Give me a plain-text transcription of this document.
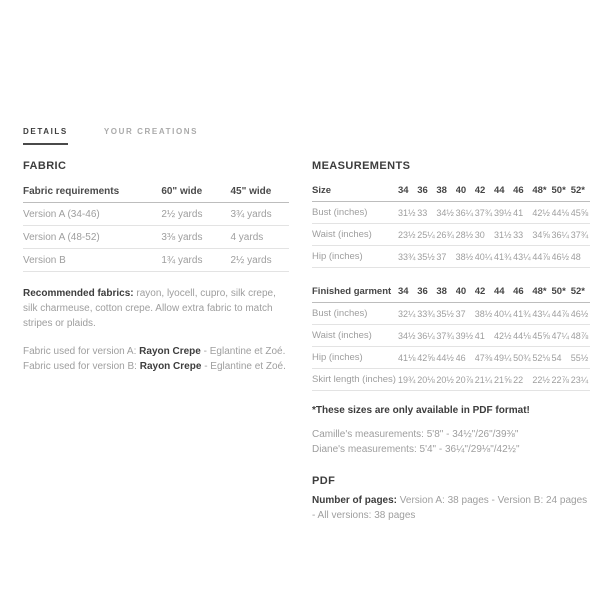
DETAILS	YOUR CREATIONS
FABRIC
Fabric requirements	60" wide	45" wide
Version A (34-46)	2½ yards	3¾ yards
Version A (48-52)	3⅜ yards	4 yards
Version B	1¾ yards	2½ yards

Recommended fabrics: rayon, lyocell, cupro, silk crepe, silk charmeuse, cotton crepe. Allow extra fabric to match stripes or plaids.

Fabric used for version A: Rayon Crepe - Eglantine et Zoé.
Fabric used for version B: Rayon Crepe - Eglantine et Zoé.
MEASUREMENTS
Size	34	36	38	40	42	44	46	48*	50*	52*
Bust (inches)	31½	33	34½	36¼	37¾	39½	41	42½	44⅛	45⅝
Waist (inches)	23½	25¼	26¾	28½	30	31½	33	34⅝	36¼	37¾
Hip (inches)	33¾	35½	37	38½	40¼	41¾	43¼	44⅞	46½	48
Finished garment	34	36	38	40	42	44	46	48*	50*	52*
Bust (inches)	32¼	33¾	35½	37	38½	40¼	41¾	43¼	44⅞	46½
Waist (inches)	34½	36¼	37¾	39½	41	42½	44⅛	45⅝	47¼	48⅞
Hip (inches)	41⅛	42⅝	44½	46	47⅜	49¼	50¾	52⅛	54	55½
Skirt length (inches)	19¾	20⅛	20½	20⅞	21¼	21⅝	22	22½	22⅞	23¼
*These sizes are only available in PDF format!
Camille's measurements: 5'8" - 34½"/26"/39⅜"
Diane's measurements: 5'4" - 36¼"/29⅛"/42½"
PDF

Number of pages: Version A: 38 pages - Version B: 24 pages - All versions: 38 pages
